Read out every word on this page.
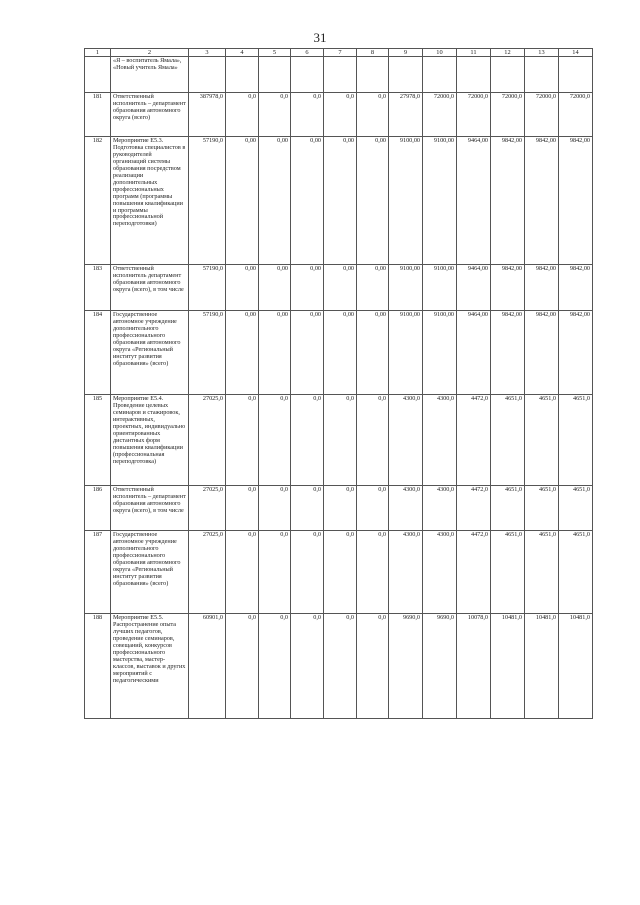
31
1	2	3	4	5	6	7	8	9	10	11	12	13	14
	«Я – воспитатель Ямала», «Новый учитель Ямала»												
181	Ответственный исполнитель – департамент образования автономного округа (всего)	387978,0	0,0	0,0	0,0	0,0	0,0	27978,0	72000,0	72000,0	72000,0	72000,0	72000,0
182	Мероприятие Е5.3. Подготовка специалистов в руководителей организаций системы образования посредством реализации дополнительных профессиональных программ (программы повышения квалификации и программы профессиональной переподготовки)	57190,0	0,00	0,00	0,00	0,00	0,00	9100,00	9100,00	9464,00	9842,00	9842,00	9842,00
183	Ответственный исполнитель департамент образования автономного округа (всего), в том числе	57190,0	0,00	0,00	0,00	0,00	0,00	9100,00	9100,00	9464,00	9842,00	9842,00	9842,00
184	Государственное автономное учреждение дополнительного профессионального образования автономного округа «Региональный институт развития образования» (всего)	57190,0	0,00	0,00	0,00	0,00	0,00	9100,00	9100,00	9464,00	9842,00	9842,00	9842,00
185	Мероприятие Е5.4. Проведение целевых семинаров и стажировок, интерактивных, проектных, индивидуально ориентированных дистантных форм повышения квалификации (профессиональная переподготовка)	27025,0	0,0	0,0	0,0	0,0	0,0	4300,0	4300,0	4472,0	4651,0	4651,0	4651,0
186	Ответственный исполнитель – департамент образования автономного округа (всего), в том числе	27025,0	0,0	0,0	0,0	0,0	0,0	4300,0	4300,0	4472,0	4651,0	4651,0	4651,0
187	Государственное автономное учреждение дополнительного профессионального образования автономного округа «Региональный институт развития образования» (всего)	27025,0	0,0	0,0	0,0	0,0	0,0	4300,0	4300,0	4472,0	4651,0	4651,0	4651,0
188	Мероприятие Е5.5. Распространение опыта лучших педагогов, проведение семинаров, совещаний, конкурсов профессионального мастерства, мастер-классов, выставок и других мероприятий с педагогическими	60901,0	0,0	0,0	0,0	0,0	0,0	9690,0	9690,0	10078,0	10481,0	10481,0	10481,0
